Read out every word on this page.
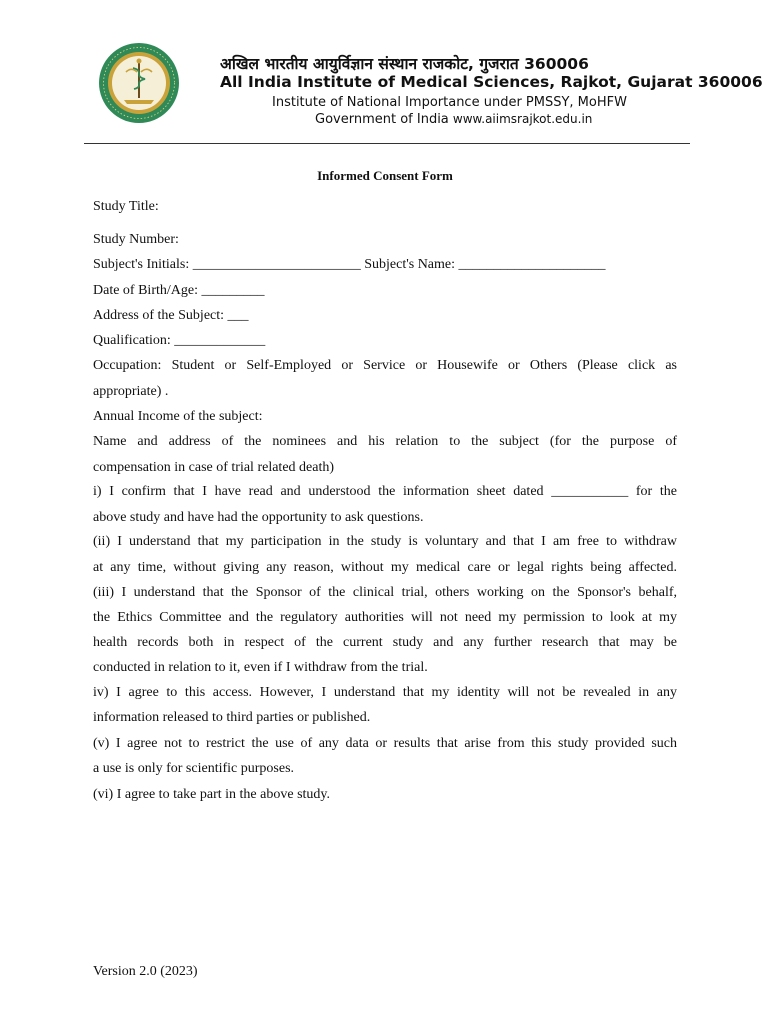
अखिल भारतीय आयुर्विज्ञान संस्थान राजकोट, गुजरात 360006
All India Institute of Medical Sciences, Rajkot, Gujarat 360006
Institute of National Importance under PMSSY, MoHFW
Government of India www.aiimsrajkot.edu.in
Informed Consent Form
Study Title:
Study Number:
Subject's Initials: ________________________ Subject's Name: _____________________
Date of Birth/Age: _________
Address of the Subject: ___
Qualification: _____________
Occupation: Student or Self-Employed or Service or Housewife or Others (Please click as
appropriate) .
Annual Income of the subject:
Name and address of the nominees and his relation to the subject (for the purpose of
compensation in case of trial related death)
i) I confirm that I have read and understood the information sheet dated ___________ for the
above study and have had the opportunity to ask questions.
(ii) I understand that my participation in the study is voluntary and that I am free to withdraw
at any time, without giving any reason, without my medical care or legal rights being affected.
(iii) I understand that the Sponsor of the clinical trial, others working on the Sponsor's behalf,
the Ethics Committee and the regulatory authorities will not need my permission to look at my
health records both in respect of the current study and any further research that may be
conducted in relation to it, even if I withdraw from the trial.
iv) I agree to this access. However, I understand that my identity will not be revealed in any
information released to third parties or published.
(v) I agree not to restrict the use of any data or results that arise from this study provided such
a use is only for scientific purposes.
(vi) I agree to take part in the above study.
Version 2.0 (2023)
